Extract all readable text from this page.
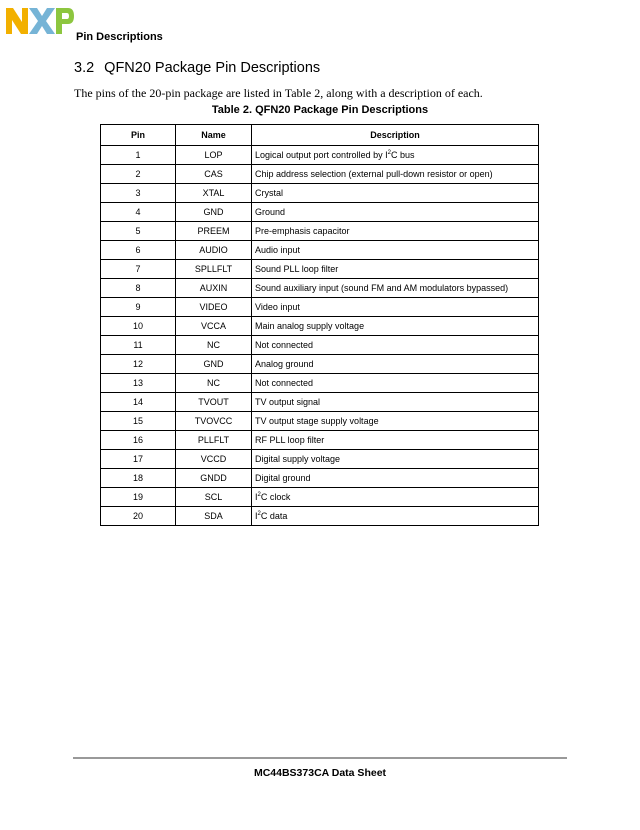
Pin Descriptions
3.2 QFN20 Package Pin Descriptions
The pins of the 20-pin package are listed in Table 2, along with a description of each.
Table 2. QFN20 Package Pin Descriptions
Pin	Name	Description
1	LOP	Logical output port controlled by $I^2C$ bus
2	CAS	Chip address selection (external pull-down resistor or open)
3	XTAL	Crystal
4	GND	Ground
5	PREEM	Pre-emphasis capacitor
6	AUDIO	Audio input
7	SPLLFLT	Sound PLL loop filter
8	AUXIN	Sound auxiliary input (sound FM and AM modulators bypassed)
9	VIDEO	Video input
10	VCCA	Main analog supply voltage
11	NC	Not connected
12	GND	Analog ground
13	NC	Not connected
14	TVOUT	TV output signal
15	TVOVCC	TV output stage supply voltage
16	PLLFLT	RF PLL loop filter
17	VCCD	Digital supply voltage
18	GNDD	Digital ground
19	SCL	$I^2C$ clock
20	SDA	$I^2C$ data
MC44BS373CA Data Sheet
